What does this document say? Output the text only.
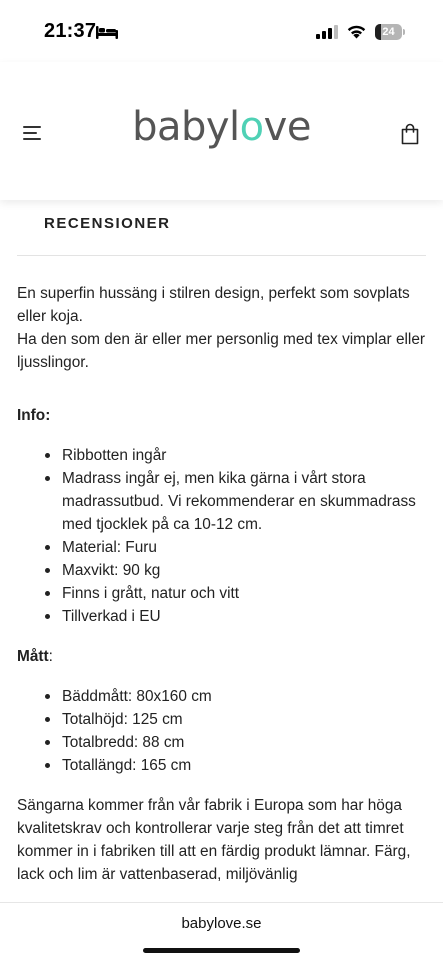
21:37	24
babylove
RECENSIONER

En superfin hussäng i stilren design, perfekt som sovplats eller koja.

Ha den som den är eller mer personlig med tex vimplar eller ljusslingor.

Info:

Ribbotten ingår
Madrass ingår ej, men kika gärna i vårt stora madrassutbud. Vi rekommenderar en skummadrass med tjocklek på ca 10-12 cm.
Material: Furu
Maxvikt: 90 kg
Finns i grått, natur och vitt
Tillverkad i EU

Mått:

Bäddmått: 80x160 cm
Totalhöjd: 125 cm
Totalbredd: 88 cm
Totallängd: 165 cm

Sängarna kommer från vår fabrik i Europa som har höga kvalitetskrav och kontrollerar varje steg från det att timret kommer in i fabriken till att en färdig produkt lämnar. Färg, lack och lim är vattenbaserad, miljövänlig

babylove.se
